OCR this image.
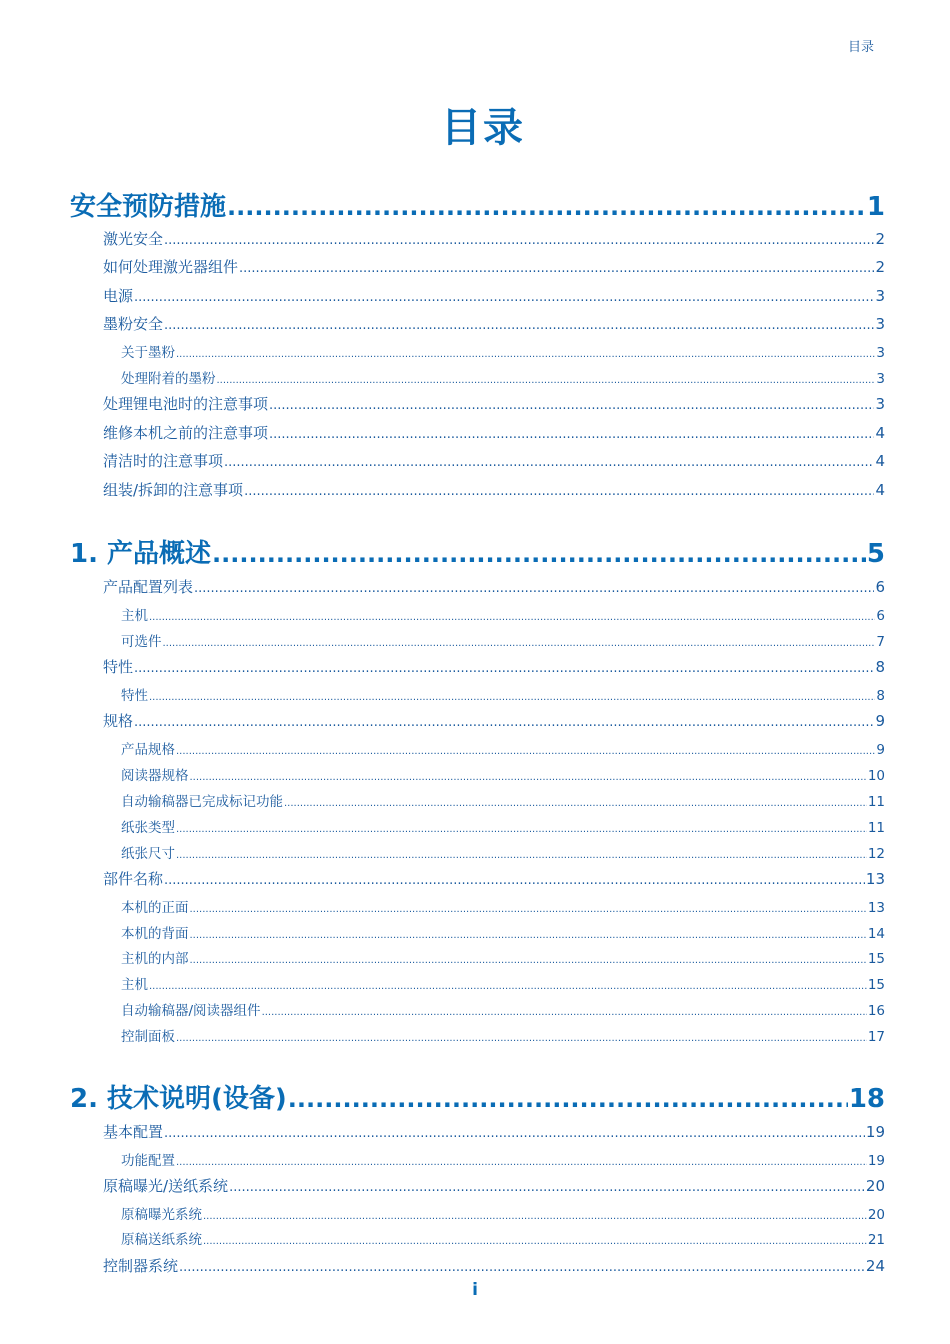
目录
目录
安全预防措施 .....	1
激光安全 .....	2
如何处理激光器组件 .....	2
电源 .....	3
墨粉安全 .....	3
关于墨粉 .....	3
处理附着的墨粉 .....	3
处理锂电池时的注意事项 .....	3
维修本机之前的注意事项 .....	4
清洁时的注意事项 .....	4
组装/拆卸的注意事项 .....	4
1. 产品概述 .....	5
产品配置列表 .....	6
主机 .....	6
可选件 .....	7
特性 .....	8
特性 .....	8
规格 .....	9
产品规格 .....	9
阅读器规格 .....	10
自动输稿器已完成标记功能 .....	11
纸张类型 .....	11
纸张尺寸 .....	12
部件名称 .....	13
本机的正面 .....	13
本机的背面 .....	14
主机的内部 .....	15
主机 .....	15
自动输稿器/阅读器组件 .....	16
控制面板 .....	17
2. 技术说明(设备) .....	18
基本配置 .....	19
功能配置 .....	19
原稿曝光/送纸系统 .....	20
原稿曝光系统 .....	20
原稿送纸系统 .....	21
控制器系统 .....	24
i
